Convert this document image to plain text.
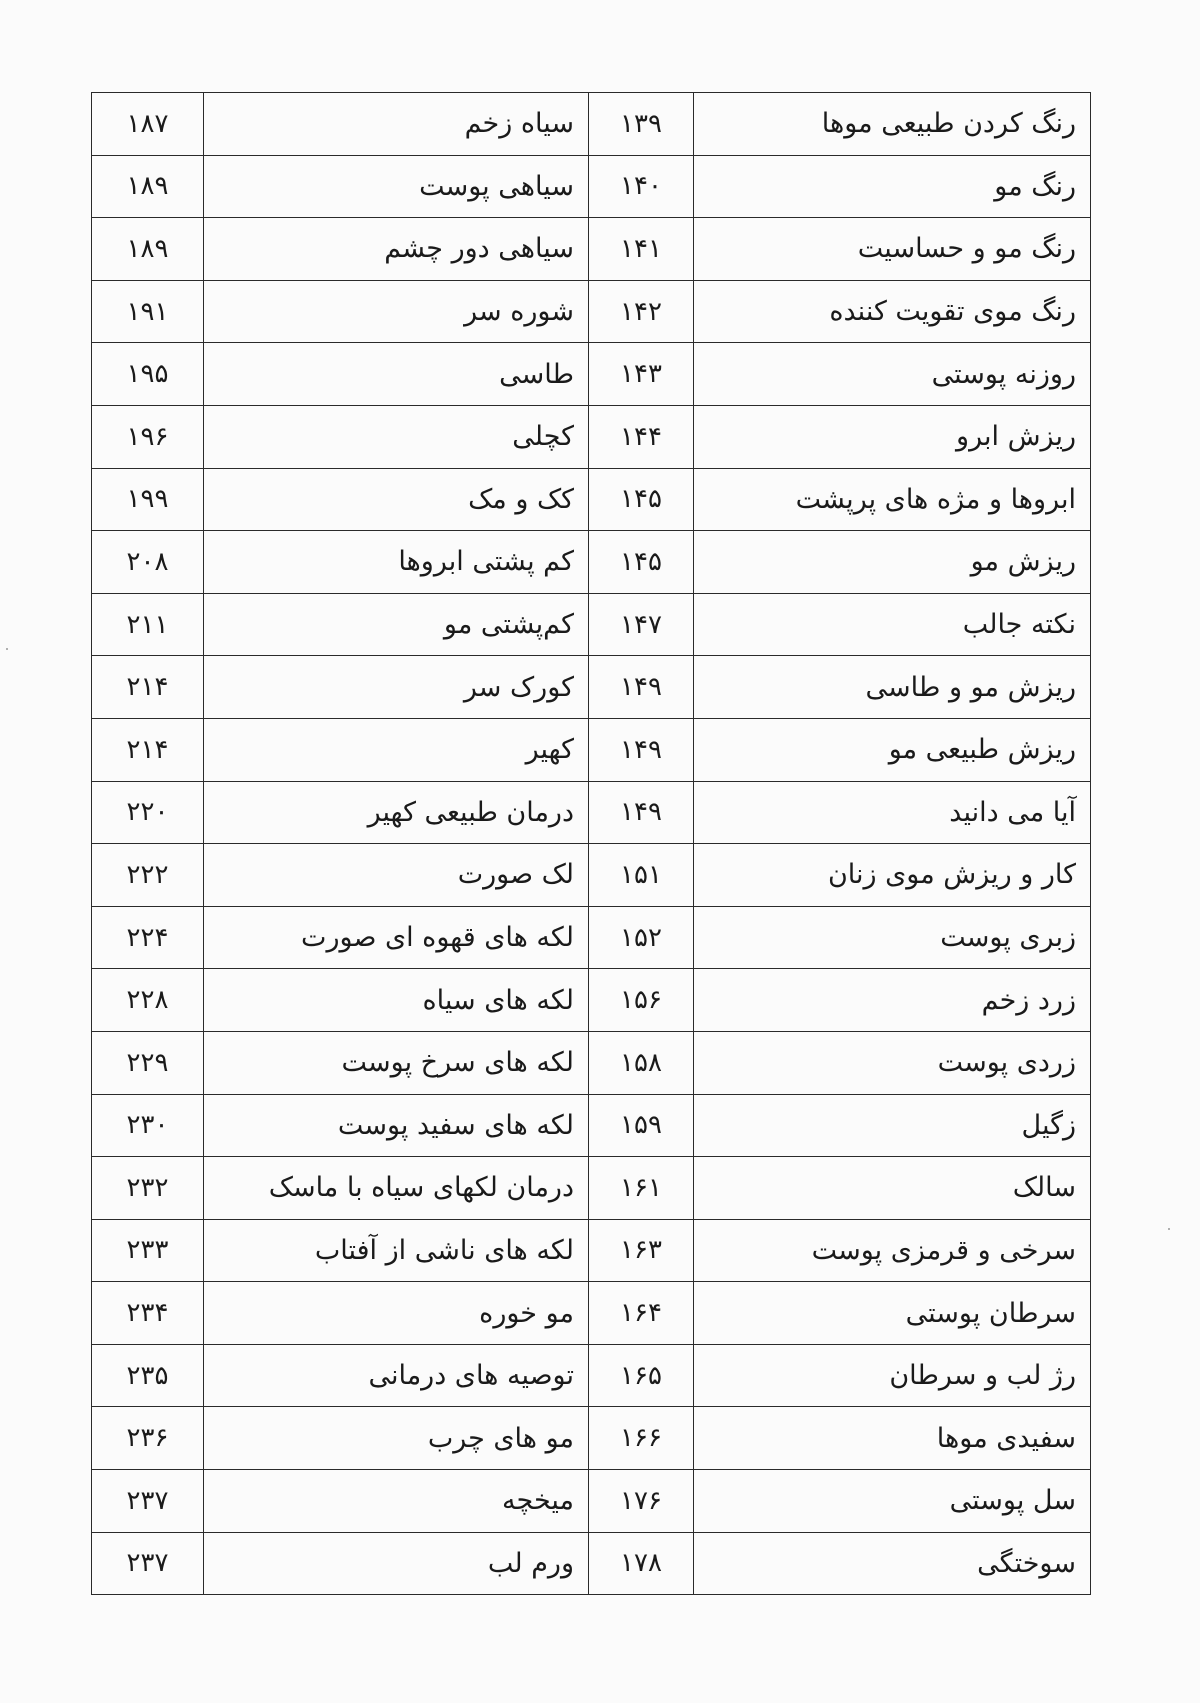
رنگ کردن طبیعی موها	۱۳۹	سیاه زخم	۱۸۷
رنگ مو	۱۴۰	سیاهی پوست	۱۸۹
رنگ مو و حساسیت	۱۴۱	سیاهی دور چشم	۱۸۹
رنگ موی تقویت کننده	۱۴۲	شوره سر	۱۹۱
روزنه پوستی	۱۴۳	طاسی	۱۹۵
ریزش ابرو	۱۴۴	کچلی	۱۹۶
ابروها و مژه های پرپشت	۱۴۵	کک و مک	۱۹۹
ریزش مو	۱۴۵	کم پشتی ابروها	۲۰۸
نکته جالب	۱۴۷	کم‌پشتی مو	۲۱۱
ریزش مو و طاسی	۱۴۹	کورک سر	۲۱۴
ریزش طبیعی مو	۱۴۹	کهیر	۲۱۴
آیا می دانید	۱۴۹	درمان طبیعی کهیر	۲۲۰
کار و ریزش موی زنان	۱۵۱	لک صورت	۲۲۲
زبری پوست	۱۵۲	لکه های قهوه ای صورت	۲۲۴
زرد زخم	۱۵۶	لکه های سیاه	۲۲۸
زردی پوست	۱۵۸	لکه های سرخ پوست	۲۲۹
زگیل	۱۵۹	لکه های سفید پوست	۲۳۰
سالک	۱۶۱	درمان لکهای سیاه با ماسک	۲۳۲
سرخی و قرمزی پوست	۱۶۳	لکه های ناشی از آفتاب	۲۳۳
سرطان پوستی	۱۶۴	مو خوره	۲۳۴
رژ لب و سرطان	۱۶۵	توصیه های درمانی	۲۳۵
سفیدی موها	۱۶۶	مو های چرب	۲۳۶
سل پوستی	۱۷۶	میخچه	۲۳۷
سوختگی	۱۷۸	ورم لب	۲۳۷
